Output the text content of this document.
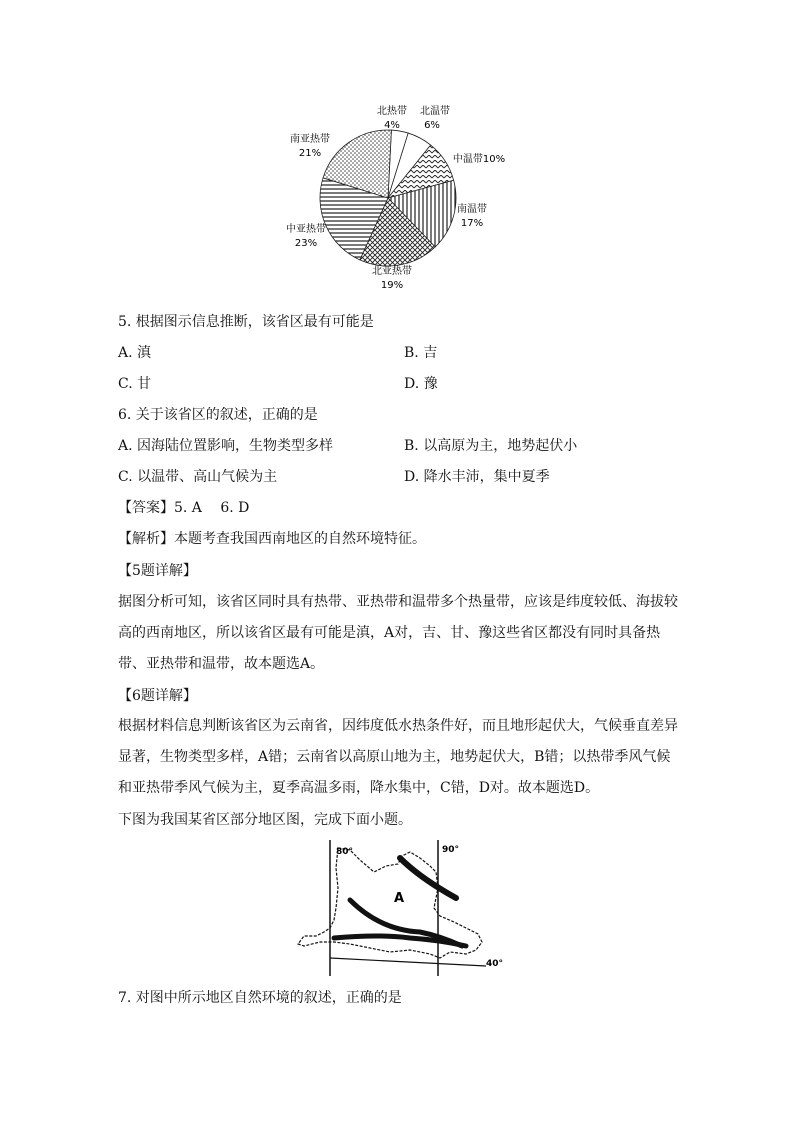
北热带
4%
北温带
6%
中温带10%
南温带
17%
北亚热带
19%
中亚热带
23%
南亚热带
21%
5. 根据图示信息推断，该省区最有可能是
A. 滇	B. 吉
C. 甘	D. 豫
6. 关于该省区的叙述，正确的是
A. 因海陆位置影响，生物类型多样	B. 以高原为主，地势起伏小
C. 以温带、高山气候为主	D. 降水丰沛，集中夏季
【答案】5. A　 6. D
【解析】本题考查我国西南地区的自然环境特征。
【5题详解】
据图分析可知，该省区同时具有热带、亚热带和温带多个热量带，应该是纬度较低、海拔较高的西南地区，所以该省区最有可能是滇，A对，吉、甘、豫这些省区都没有同时具备热带、亚热带和温带，故本题选A。
【6题详解】
根据材料信息判断该省区为云南省，因纬度低水热条件好，而且地形起伏大，气候垂直差异显著，生物类型多样，A错；云南省以高原山地为主，地势起伏大，B错；以热带季风气候和亚热带季风气候为主，夏季高温多雨，降水集中，C错，D对。故本题选D。
下图为我国某省区部分地区图，完成下面小题。
80°	90°
40°
A
7. 对图中所示地区自然环境的叙述，正确的是
